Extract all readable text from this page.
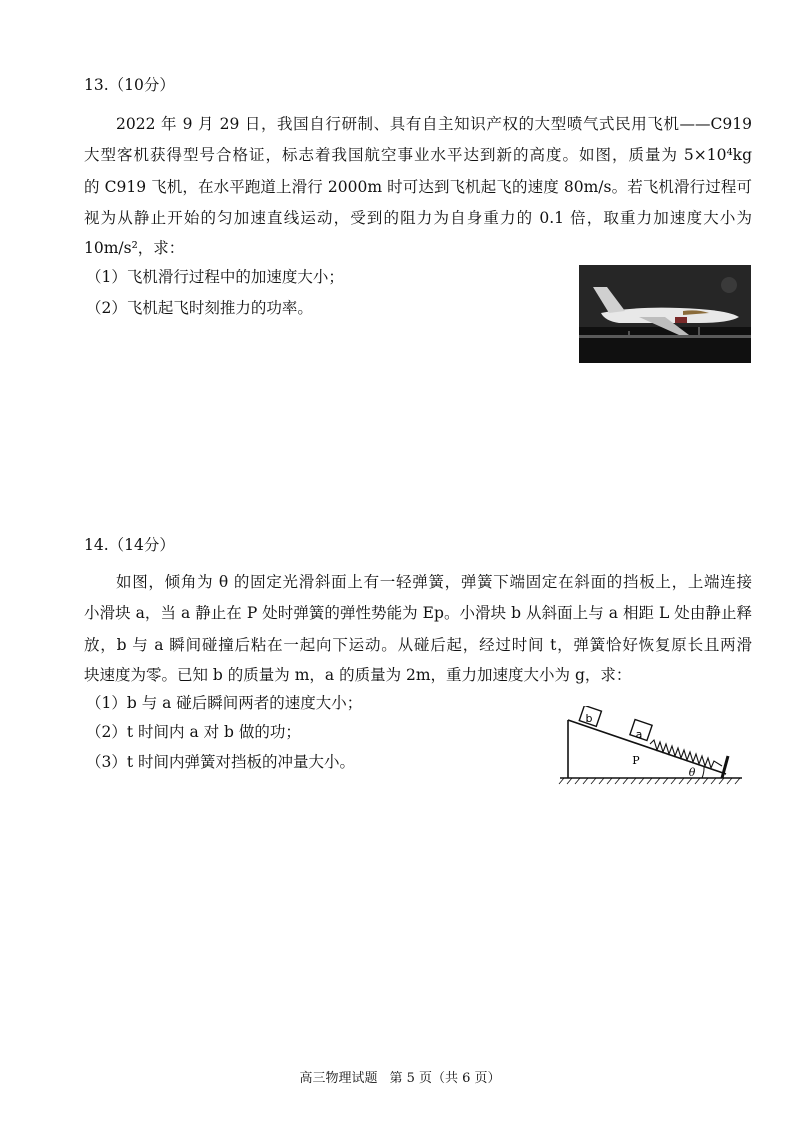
13.（10分）
2022 年 9 月 29 日，我国自行研制、具有自主知识产权的大型喷气式民用飞机——C919
大型客机获得型号合格证，标志着我国航空事业水平达到新的高度。如图，质量为 5×10⁴kg
的 C919 飞机，在水平跑道上滑行 2000m 时可达到飞机起飞的速度 80m/s。若飞机滑行过程可
视为从静止开始的匀加速直线运动，受到的阻力为自身重力的 0.1 倍，取重力加速度大小为
10m/s²，求：
（1）飞机滑行过程中的加速度大小；
（2）飞机起飞时刻推力的功率。
14.（14分）
如图，倾角为 θ 的固定光滑斜面上有一轻弹簧，弹簧下端固定在斜面的挡板上，上端连接
小滑块 a，当 a 静止在 P 处时弹簧的弹性势能为 Ep。小滑块 b 从斜面上与 a 相距 L 处由静止释
放，b 与 a 瞬间碰撞后粘在一起向下运动。从碰后起，经过时间 t，弹簧恰好恢复原长且两滑
块速度为零。已知 b 的质量为 m，a 的质量为 2m，重力加速度大小为 g，求：
（1）b 与 a 碰后瞬间两者的速度大小；
（2）t 时间内 a 对 b 做的功；
（3）t 时间内弹簧对挡板的冲量大小。
b
a
P
θ
高三物理试题 第 5 页（共 6 页）
